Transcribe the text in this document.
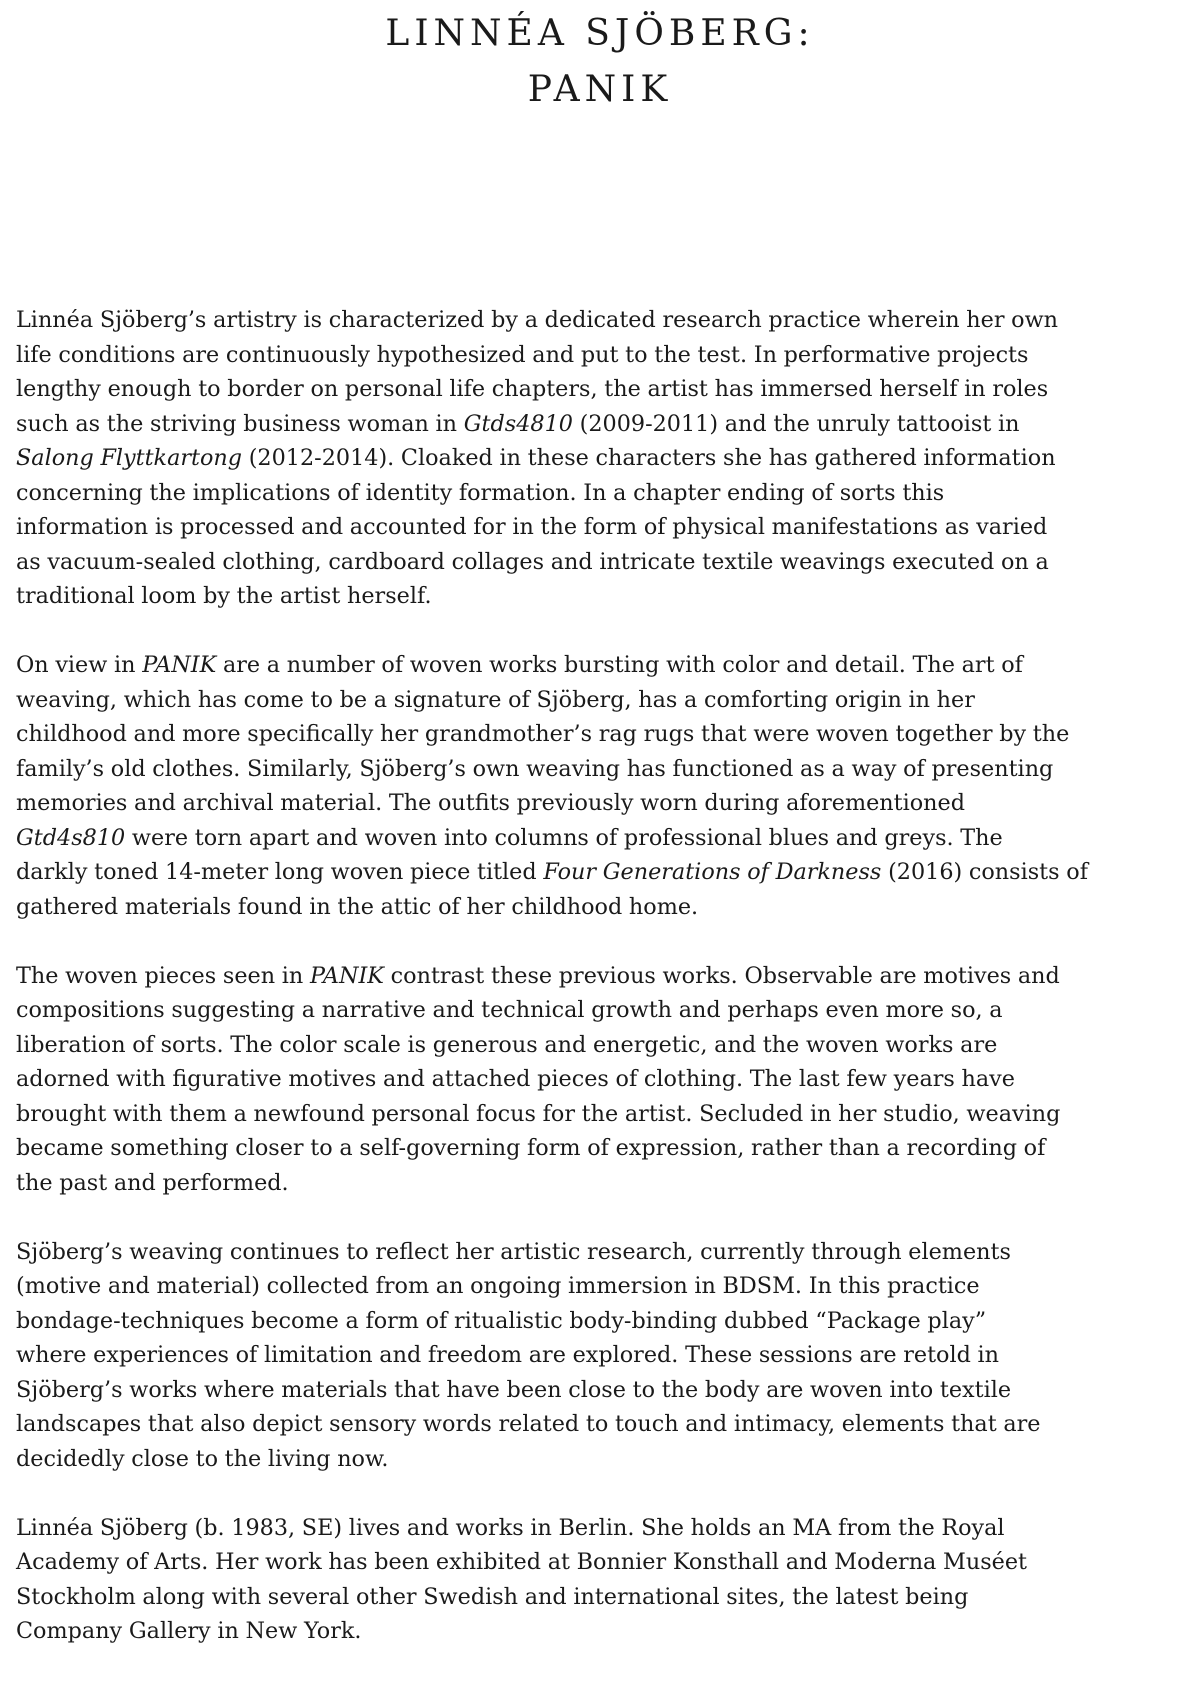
LINNÉA SJÖBERG:
PANIK

Linnéa Sjöberg’s artistry is characterized by a dedicated research practice wherein her own
life conditions are continuously hypothesized and put to the test. In performative projects
lengthy enough to border on personal life chapters, the artist has immersed herself in roles
such as the striving business woman in Gtds4810 (2009-2011) and the unruly tattooist in
Salong Flyttkartong (2012-2014). Cloaked in these characters she has gathered information
concerning the implications of identity formation. In a chapter ending of sorts this
information is processed and accounted for in the form of physical manifestations as varied
as vacuum-sealed clothing, cardboard collages and intricate textile weavings executed on a
traditional loom by the artist herself.

On view in PANIK are a number of woven works bursting with color and detail. The art of
weaving, which has come to be a signature of Sjöberg, has a comforting origin in her
childhood and more specifically her grandmother’s rag rugs that were woven together by the
family’s old clothes. Similarly, Sjöberg’s own weaving has functioned as a way of presenting
memories and archival material. The outfits previously worn during aforementioned
Gtd4s810 were torn apart and woven into columns of professional blues and greys. The
darkly toned 14-meter long woven piece titled Four Generations of Darkness (2016) consists of
gathered materials found in the attic of her childhood home.

The woven pieces seen in PANIK contrast these previous works. Observable are motives and
compositions suggesting a narrative and technical growth and perhaps even more so, a
liberation of sorts. The color scale is generous and energetic, and the woven works are
adorned with figurative motives and attached pieces of clothing. The last few years have
brought with them a newfound personal focus for the artist. Secluded in her studio, weaving
became something closer to a self-governing form of expression, rather than a recording of
the past and performed.

Sjöberg’s weaving continues to reflect her artistic research, currently through elements
(motive and material) collected from an ongoing immersion in BDSM. In this practice
bondage-techniques become a form of ritualistic body-binding dubbed “Package play”
where experiences of limitation and freedom are explored. These sessions are retold in
Sjöberg’s works where materials that have been close to the body are woven into textile
landscapes that also depict sensory words related to touch and intimacy, elements that are
decidedly close to the living now.

Linnéa Sjöberg (b. 1983, SE) lives and works in Berlin. She holds an MA from the Royal
Academy of Arts. Her work has been exhibited at Bonnier Konsthall and Moderna Muséet
Stockholm along with several other Swedish and international sites, the latest being
Company Gallery in New York.
